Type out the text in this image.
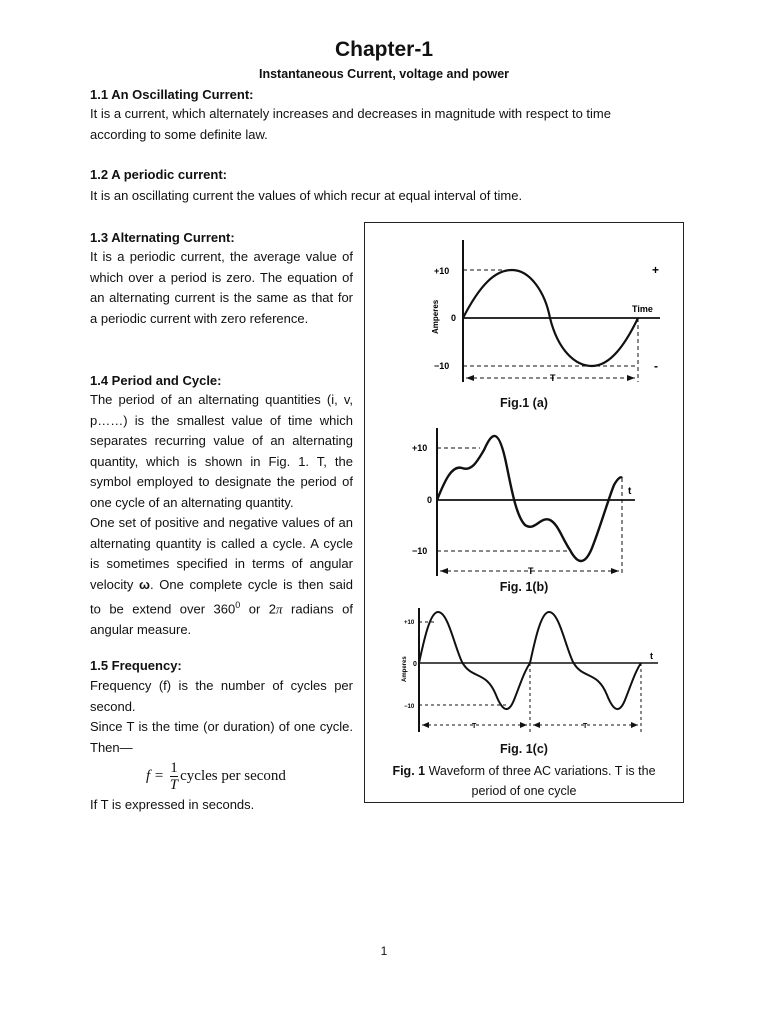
Chapter-1
Instantaneous Current, voltage and power
1.1 An Oscillating Current:
It is a current, which alternately increases and decreases in magnitude with respect to time according to some definite law.
1.2 A periodic current:
It is an oscillating current the values of which recur at equal interval of time.
1.3 Alternating Current:
It is a periodic current, the average value of which over a period is zero. The equation of an alternating current is the same as that for a periodic current with zero reference.
1.4 Period and Cycle:
The period of an alternating quantities (i, v, p……) is the smallest value of time which separates recurring value of an alternating quantity, which is shown in Fig. 1. T, the symbol employed to designate the period of one cycle of an alternating quantity.
One set of positive and negative values of an alternating quantity is called a cycle. A cycle is sometimes specified in terms of angular velocity ω. One complete cycle is then said to be extend over $360^0$ or 2π radians of angular measure.
1.5 Frequency:
Frequency (f) is the number of cycles per second.
Since T is the time (or duration) of one cycle. Then—
$f = \frac{1}{T}$ cycles per second
If T is expressed in seconds.
+10
0
−10
Amperes	Time
T
+
-
Fig.1 (a)
+10
0
−10
t
T
Fig. 1(b)
+10
0
−10
Amperes
t
T	T
Fig. 1(c)
Fig. 1 Waveform of three AC variations. T is the period of one cycle
1
